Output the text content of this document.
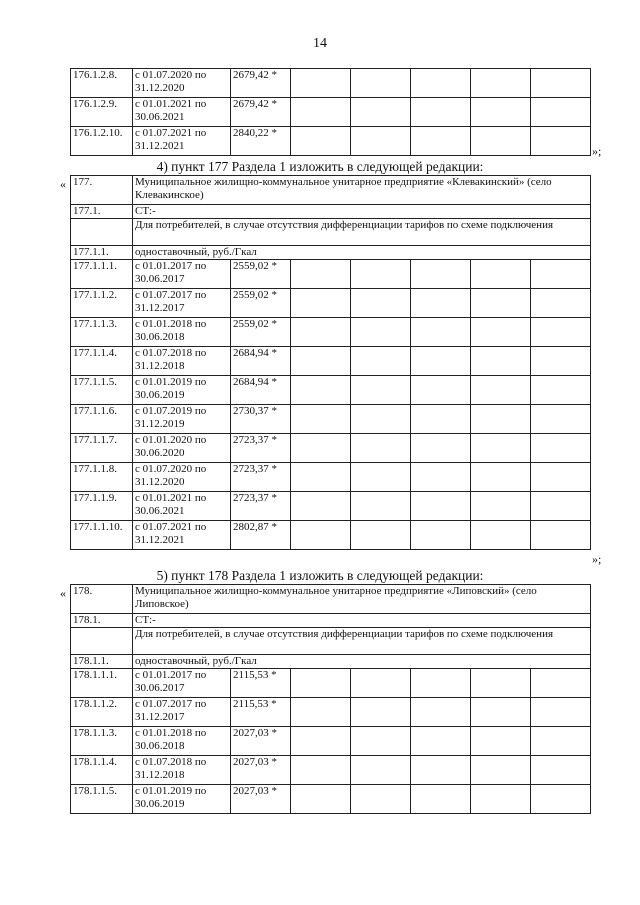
14
176.1.2.8.	с 01.07.2020 по 31.12.2020	2679,42 *					
176.1.2.9.	с 01.01.2021 по 30.06.2021	2679,42 *					
176.1.2.10.	с 01.07.2021 по 31.12.2021	2840,22 *					
»;
4) пункт 177 Раздела 1 изложить в следующей редакции:
« 177.	Муниципальное жилищно-коммунальное унитарное предприятие «Клевакинский» (село Клевакинское)						
177.1.	СТ:-						
	Для потребителей, в случае отсутствия дифференциации тарифов по схеме подключения						
177.1.1.	одноставочный, руб./Гкал						
177.1.1.1.	с 01.01.2017 по 30.06.2017	2559,02 *					
177.1.1.2.	с 01.07.2017 по 31.12.2017	2559,02 *					
177.1.1.3.	с 01.01.2018 по 30.06.2018	2559,02 *					
177.1.1.4.	с 01.07.2018 по 31.12.2018	2684,94 *					
177.1.1.5.	с 01.01.2019 по 30.06.2019	2684,94 *					
177.1.1.6.	с 01.07.2019 по 31.12.2019	2730,37 *					
177.1.1.7.	с 01.01.2020 по 30.06.2020	2723,37 *					
177.1.1.8.	с 01.07.2020 по 31.12.2020	2723,37 *					
177.1.1.9.	с 01.01.2021 по 30.06.2021	2723,37 *					
177.1.1.10.	с 01.07.2021 по 31.12.2021	2802,87 *					
»;
5) пункт 178 Раздела 1 изложить в следующей редакции:
« 178.	Муниципальное жилищно-коммунальное унитарное предприятие «Липовский» (село Липовское)						
178.1.	СТ:-						
	Для потребителей, в случае отсутствия дифференциации тарифов по схеме подключения						
178.1.1.	одноставочный, руб./Гкал						
178.1.1.1.	с 01.01.2017 по 30.06.2017	2115,53 *					
178.1.1.2.	с 01.07.2017 по 31.12.2017	2115,53 *					
178.1.1.3.	с 01.01.2018 по 30.06.2018	2027,03 *					
178.1.1.4.	с 01.07.2018 по 31.12.2018	2027,03 *					
178.1.1.5.	с 01.01.2019 по 30.06.2019	2027,03 *					
